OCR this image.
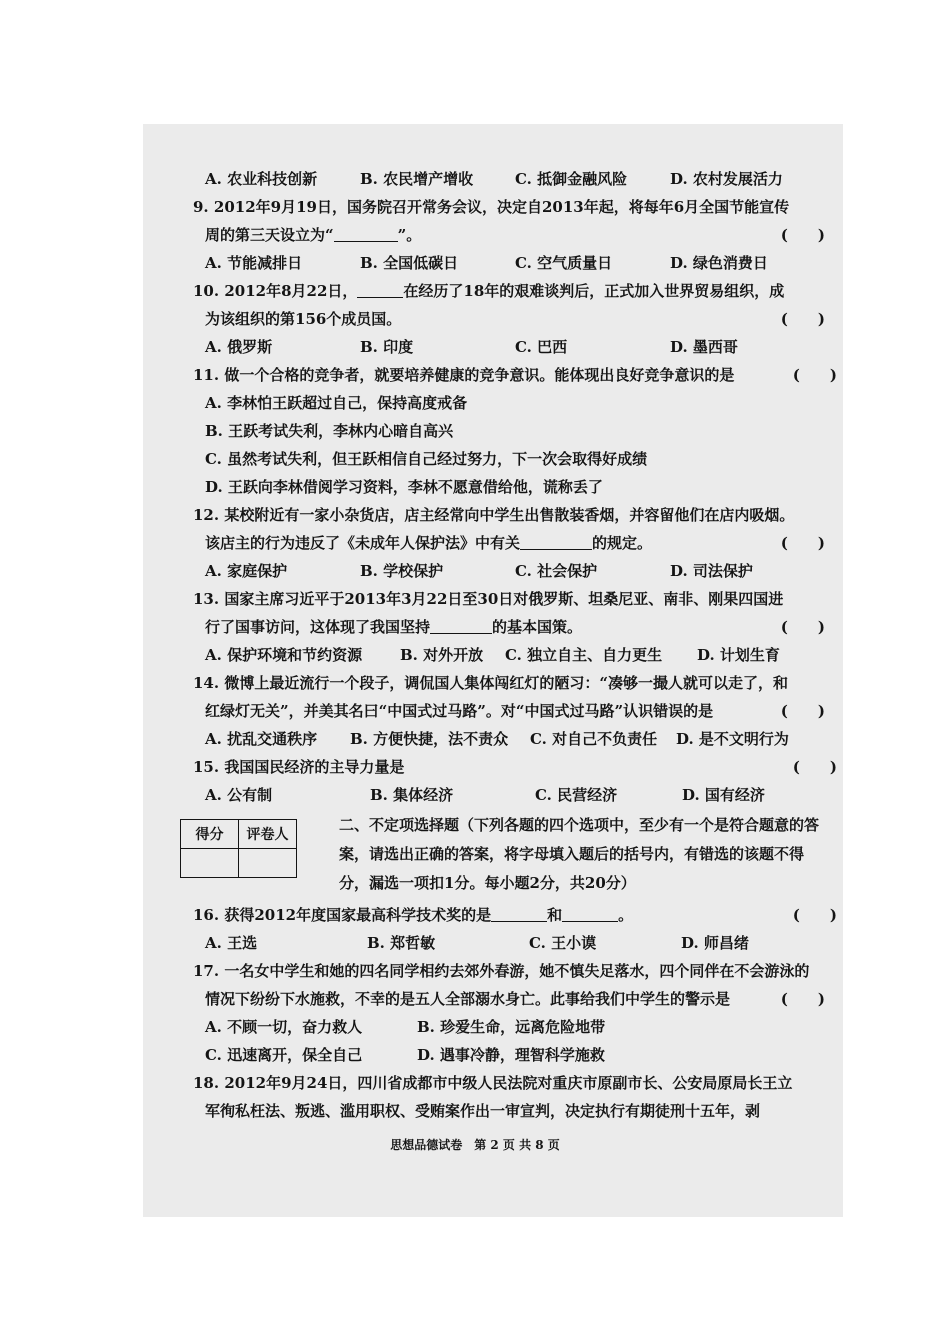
A. 农业科技创新	B. 农民增产增收	C. 抵御金融风险	D. 农村发展活力
9. 2012年9月19日，国务院召开常务会议，决定自2013年起，将每年6月全国节能宣传
周的第三天设立为“	”。	(　　)
A. 节能减排日	B. 全国低碳日	C. 空气质量日	D. 绿色消费日
10. 2012年8月22日，	在经历了18年的艰难谈判后，正式加入世界贸易组织，成
为该组织的第156个成员国。	(　　)
A. 俄罗斯	B. 印度	C. 巴西	D. 墨西哥
11. 做一个合格的竞争者，就要培养健康的竞争意识。能体现出良好竞争意识的是	(　　)
A. 李林怕王跃超过自己，保持高度戒备
B. 王跃考试失利，李林内心暗自高兴
C. 虽然考试失利，但王跃相信自己经过努力，下一次会取得好成绩
D. 王跃向李林借阅学习资料，李林不愿意借给他，谎称丢了
12. 某校附近有一家小杂货店，店主经常向中学生出售散装香烟，并容留他们在店内吸烟。
该店主的行为违反了《未成年人保护法》中有关	的规定。	(　　)
A. 家庭保护	B. 学校保护	C. 社会保护	D. 司法保护
13. 国家主席习近平于2013年3月22日至30日对俄罗斯、坦桑尼亚、南非、刚果四国进
行了国事访问，这体现了我国坚持	的基本国策。	(　　)
A. 保护环境和节约资源	B. 对外开放 C. 独立自主、自力更生 D. 计划生育
14. 微博上最近流行一个段子，调侃国人集体闯红灯的陋习：“凑够一撮人就可以走了，和
红绿灯无关”，并美其名曰“中国式过马路”。对“中国式过马路”认识错误的是	(　　)
A. 扰乱交通秩序 B. 方便快捷，法不责众 C. 对自己不负责任 D. 是不文明行为
15. 我国国民经济的主导力量是	(　　)
A. 公有制	B. 集体经济	C. 民营经济	D. 国有经济
得分	评卷人

二、不定项选择题（下列各题的四个选项中，至少有一个是符合题意的答案，请选出正确的答案，将字母填入题后的括号内，有错选的该题不得分，漏选一项扣1分。每小题2分，共20分）
16. 获得2012年度国家最高科学技术奖的是	和	。	(　　)
A. 王选	B. 郑哲敏	C. 王小谟	D. 师昌绪
17. 一名女中学生和她的四名同学相约去郊外春游，她不慎失足落水，四个同伴在不会游泳的
情况下纷纷下水施救，不幸的是五人全部溺水身亡。此事给我们中学生的警示是	(　　)
A. 不顾一切，奋力救人	B. 珍爱生命，远离危险地带
C. 迅速离开，保全自己	D. 遇事冷静，理智科学施救
18. 2012年9月24日，四川省成都市中级人民法院对重庆市原副市长、公安局原局长王立
军徇私枉法、叛逃、滥用职权、受贿案作出一审宣判，决定执行有期徒刑十五年，剥
思想品德试卷　第 2 页 共 8 页
